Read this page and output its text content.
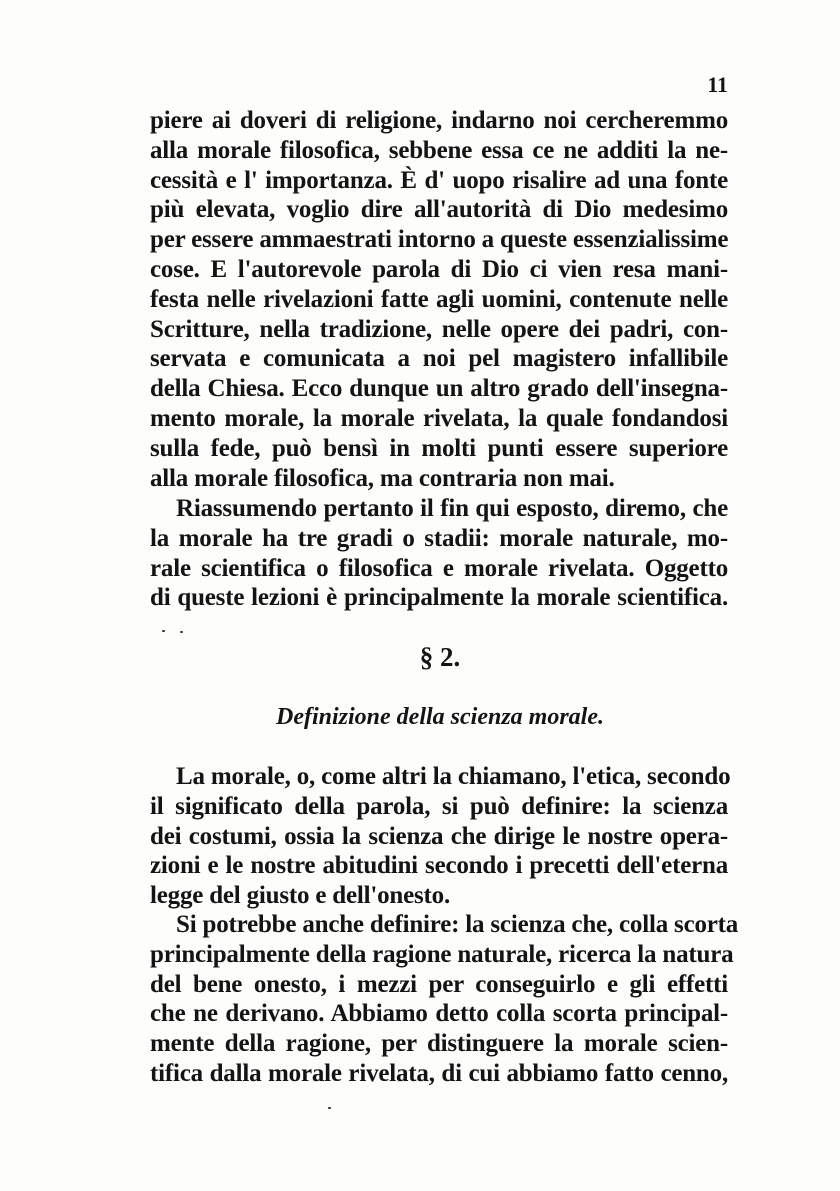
11
piere ai doveri di religione, indarno noi cercheremmo
alla morale filosofica, sebbene essa ce ne additi la ne-
cessità e l' importanza. È d' uopo risalire ad una fonte
più elevata, voglio dire all'autorità di Dio medesimo
per essere ammaestrati intorno a queste essenzialissime
cose. E l'autorevole parola di Dio ci vien resa mani-
festa nelle rivelazioni fatte agli uomini, contenute nelle
Scritture, nella tradizione, nelle opere dei padri, con-
servata e comunicata a noi pel magistero infallibile
della Chiesa. Ecco dunque un altro grado dell'insegna-
mento morale, la morale rivelata, la quale fondandosi
sulla fede, può bensì in molti punti essere superiore
alla morale filosofica, ma contraria non mai.
Riassumendo pertanto il fin qui esposto, diremo, che
la morale ha tre gradi o stadii: morale naturale, mo-
rale scientifica o filosofica e morale rivelata. Oggetto
di queste lezioni è principalmente la morale scientifica.
§ 2.
Definizione della scienza morale.
La morale, o, come altri la chiamano, l'etica, secondo
il significato della parola, si può definire: la scienza
dei costumi, ossia la scienza che dirige le nostre opera-
zioni e le nostre abitudini secondo i precetti dell'eterna
legge del giusto e dell'onesto.
Si potrebbe anche definire: la scienza che, colla scorta
principalmente della ragione naturale, ricerca la natura
del bene onesto, i mezzi per conseguirlo e gli effetti
che ne derivano. Abbiamo detto colla scorta principal-
mente della ragione, per distinguere la morale scien-
tifica dalla morale rivelata, di cui abbiamo fatto cenno,
